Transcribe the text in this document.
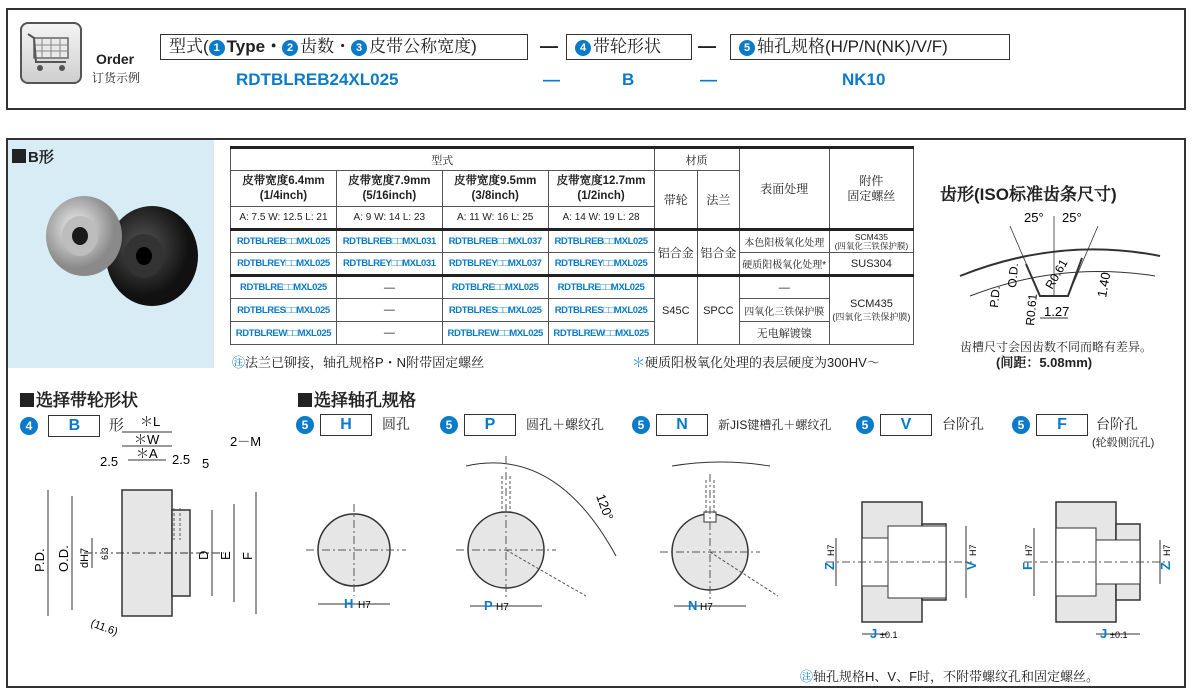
Order
订货示例
型式( 1 Type・ 2 齿数・ 3 皮带公称宽度)	—	4 带轮形状	—	5 轴孔规格(H/P/N(NK)/V/F)
RDTBLREB24XL025	—	B	—	NK10
B形	型式				材质		表面处理	附件
固定螺丝
皮带宽度6.4mm
(1/4inch)	皮带宽度7.9mm
(5/16inch)	皮带宽度9.5mm
(3/8inch)	皮带宽度12.7mm
(1/2inch)	带轮	法兰		
A: 7.5 W: 12.5 L: 21	A: 9 W: 14 L: 23	A: 11 W: 16 L: 25	A: 14 W: 19 L: 28				
RDTBLREB□□MXL025	RDTBLREB□□MXL031	RDTBLREB□□MXL037	RDTBLREB□□MXL025	铝合金	铝合金	本色阳极氧化处理	SCM435
(四氧化三铁保护膜)
RDTBLREY□□MXL025	RDTBLREY□□MXL031	RDTBLREY□□MXL037	RDTBLREY□□MXL025			硬质阳极氧化处理*	SUS304
RDTBLRE□□MXL025	—	RDTBLRE□□MXL025	RDTBLRE□□MXL025	S45C	SPCC	—	SCM435
(四氧化三铁保护膜)
RDTBLRES□□MXL025	—	RDTBLRES□□MXL025	RDTBLRES□□MXL025			四氧化三铁保护膜	
RDTBLREW□□MXL025	—	RDTBLREW□□MXL025	RDTBLREW□□MXL025			无电解镀镍	
㊟法兰已铆接，轴孔规格P・N附带固定螺丝	＊硬质阳极氧化处理的表层硬度为300HV～
齿形(ISO标准齿条尺寸)
25° 25°
1.27
R0.61 1.40
O.D.
P.D. R0.61
齿槽尺寸会因齿数不同而略有差异。
(间距：5.08mm)
选择带轮形状
4 B 形 ＊L
＊W
＊A
2.5	2.5 5
2－M
P.D. O.D. dH7 6.3	D E F
(11.6)
选择轴孔规格
5 H 圆孔	5 P 圆孔＋螺纹孔	5 N	新JIS键槽孔＋螺纹孔	5 V 台阶孔	5 F 台阶孔
(轮毂侧沉孔)
H H7
120°
P H7	N H7
Z
H7
V
H7
J ±0.1
F
H7
Z
H7
J ±0.1
㊟轴孔规格H、V、F时，不附带螺纹孔和固定螺丝。
